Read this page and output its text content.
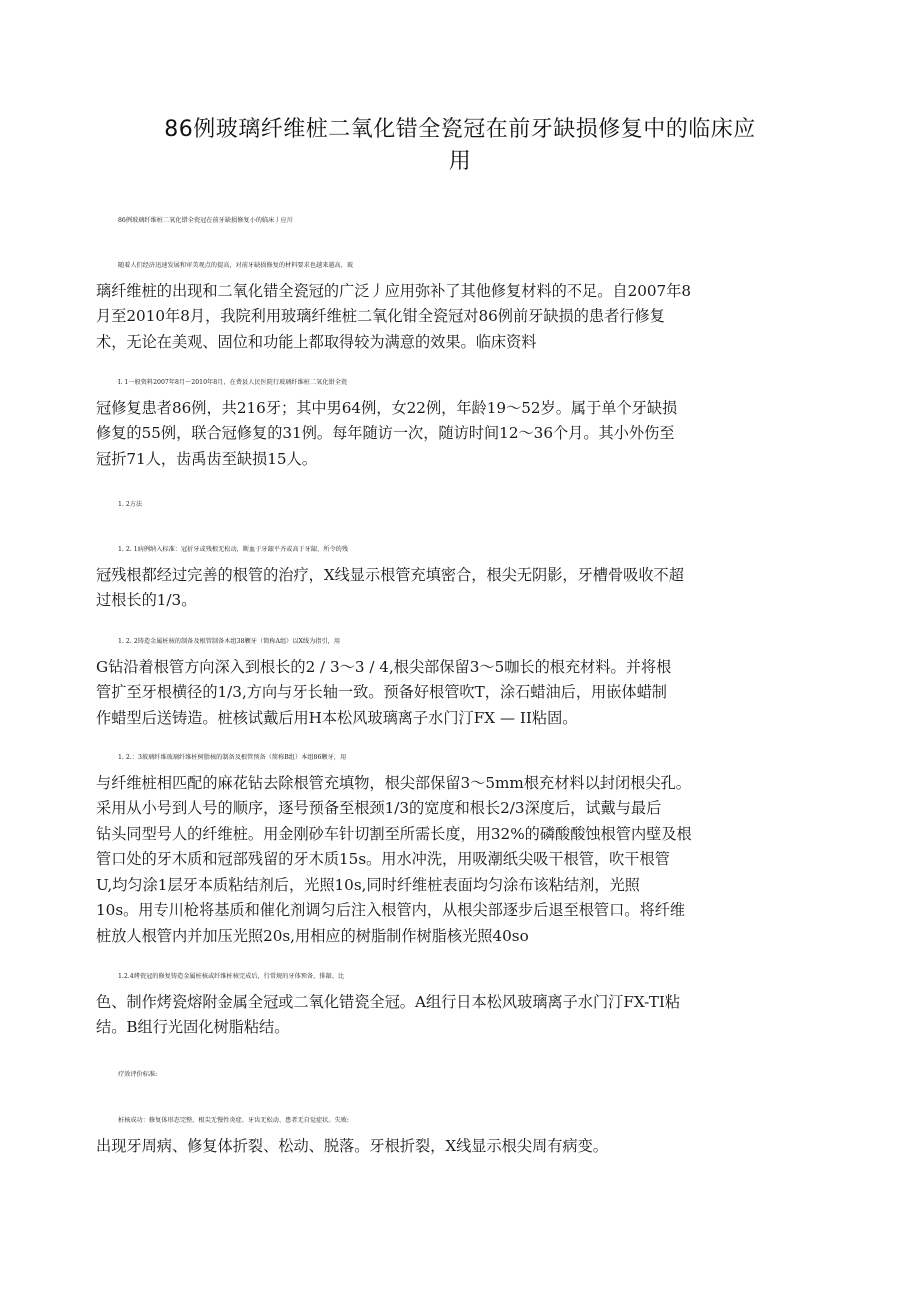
86例玻璃纤维桩二氧化错全瓷冠在前牙缺损修复中的临床应
用

86例玻璃纤维桩二氧化错全瓷冠在前牙缺损修复小的临床丿应川

随着人们经济迅速发展和审美观点的提高，对前牙缺损修复的材料要求也越来越高，玻
璃纤维桩的出现和二氧化错全瓷冠的广泛丿应用弥补了其他修复材料的不足。自2007年8
月至2010年8月，我院利用玻璃纤维桩二氧化钳全瓷冠对86例前牙缺损的患者行修复
术，无论在美观、固位和功能上都取得较为满意的效果。临床资料

I. 1一般资料2007年8月〜2010年8月，在费县人民医院行玻璃纤维桩二氧化钳全瓷
冠修复患者86例，共216牙；其中男64例，女22例，年龄19〜52岁。属于单个牙缺损
修复的55例，联合冠修复的31例。每年随访一次，随访时间12〜36个月。其小外伤至
冠折71人，齿禹齿至缺损15人。

1. 2方法

1. 2. 1病例纳入标准：冠折牙或残根无松动，断血于牙龈平齐或高于牙龈，所令的残
冠残根都经过完善的根管的治疗，X线显示根管充填密合，根尖无阴影，牙槽骨吸收不超
过根长的1/3。

1. 2. 2铸造金属桩核的制备及根管制备木组38颗牙（简称A组）以X线为指引，用
G钻沿着根管方向深入到根长的2 / 3〜3 / 4,根尖部保留3〜5咖长的根充材料。并将根
管扩至牙根横径的1/3,方向与牙长轴一致。预备好根管吹T，涂石蜡油后，用嵌体蜡制
作蜡型后送铸造。桩核试戴后用H本松风玻璃离子水门汀FX — II粘固。

1. 2.：3玻璃纤维玻璃纤维桩树脂核的制备及根管预备（简称B组）本组86颗牙，用
与纤维桩相匹配的麻花钻去除根管充填物，根尖部保留3〜5mm根充材料以封闭根尖孔。
采用从小号到人号的顺序，逐号预备至根颈1/3的宽度和根长2/3深度后，试戴与最后
钻头同型号人的纤维桩。用金刚砂车针切割至所需长度，用32%的磷酸酸蚀根管内壁及根
管口处的牙木质和冠部残留的牙木质15s。用水冲洗，用吸潮纸尖吸干根管，吹干根管
U,均匀涂1层牙本质粘结剂后，光照10s,同时纤维桩表面均匀涂布该粘结剂，光照
10s。用专川枪将基质和催化剂调匀后注入根管内，从根尖部逐步后退至根管口。将纤维
桩放人根管内并加压光照20s,用相应的树脂制作树脂核光照40so

1.2.4烤瓷冠的修复铸造金属桩核或纤维桩核完成后，行常规的牙体预备，排龈、比
色、制作烤瓷熔附金属全冠或二氧化错瓷全冠。A组行日本松风玻璃离子水门汀FX-TI粘
结。B组行光固化树脂粘结。

疗效评价标准:

桩核成功：修复体形态完整、根尖无慢性炎症、牙齿无松动、患者无自觉症状。失败:
出现牙周病、修复体折裂、松动、脱落。牙根折裂，X线显示根尖周有病变。
